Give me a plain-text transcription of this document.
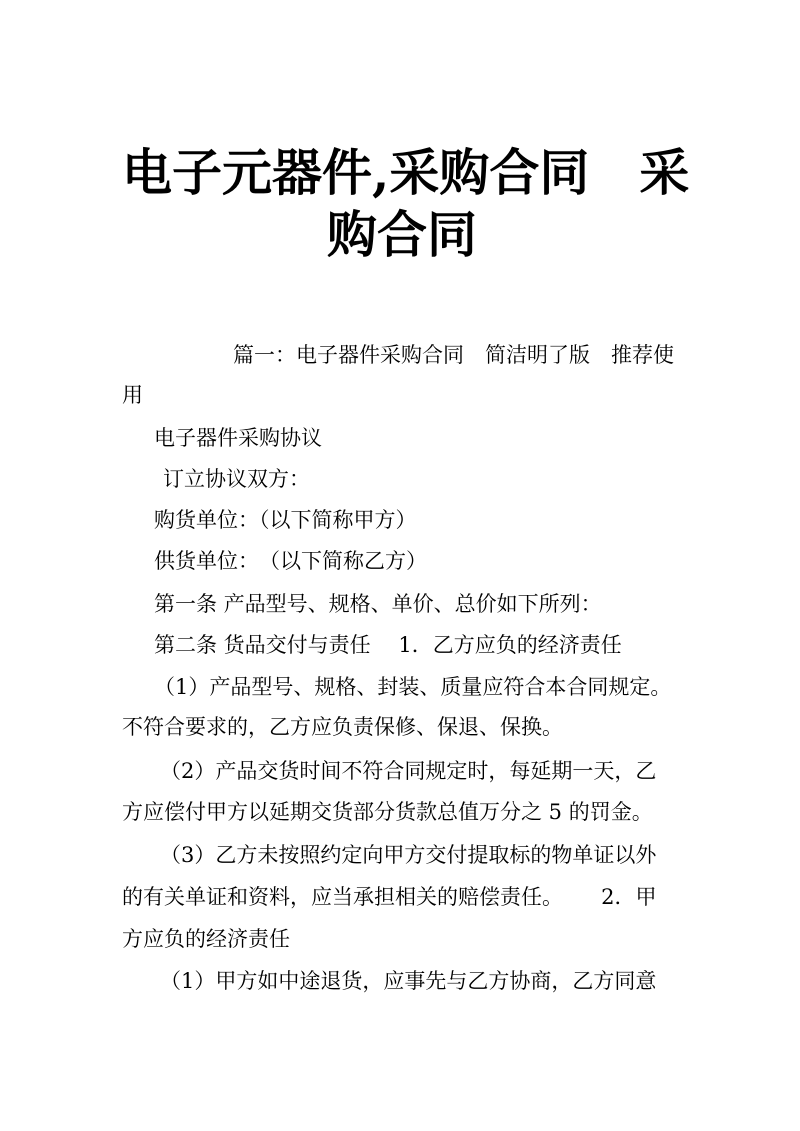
电子元器件,采购合同　采
购合同
篇一：电子器件采购合同　简洁明了版　推荐使
用
电子器件采购协议
订立协议双方：
购货单位：（以下简称甲方）
供货单位：　（以下简称乙方）
第一条 产品型号、规格、单价、总价如下所列：
第二条 货品交付与责任　 1．乙方应负的经济责任
（1）产品型号、规格、封装、质量应符合本合同规定。
不符合要求的，乙方应负责保修、保退、保换。
（2）产品交货时间不符合同规定时，每延期一天，乙
方应偿付甲方以延期交货部分货款总值万分之 5 的罚金。
（3）乙方未按照约定向甲方交付提取标的物单证以外
的有关单证和资料，应当承担相关的赔偿责任。　　 2．甲
方应负的经济责任
（1）甲方如中途退货，应事先与乙方协商，乙方同意
